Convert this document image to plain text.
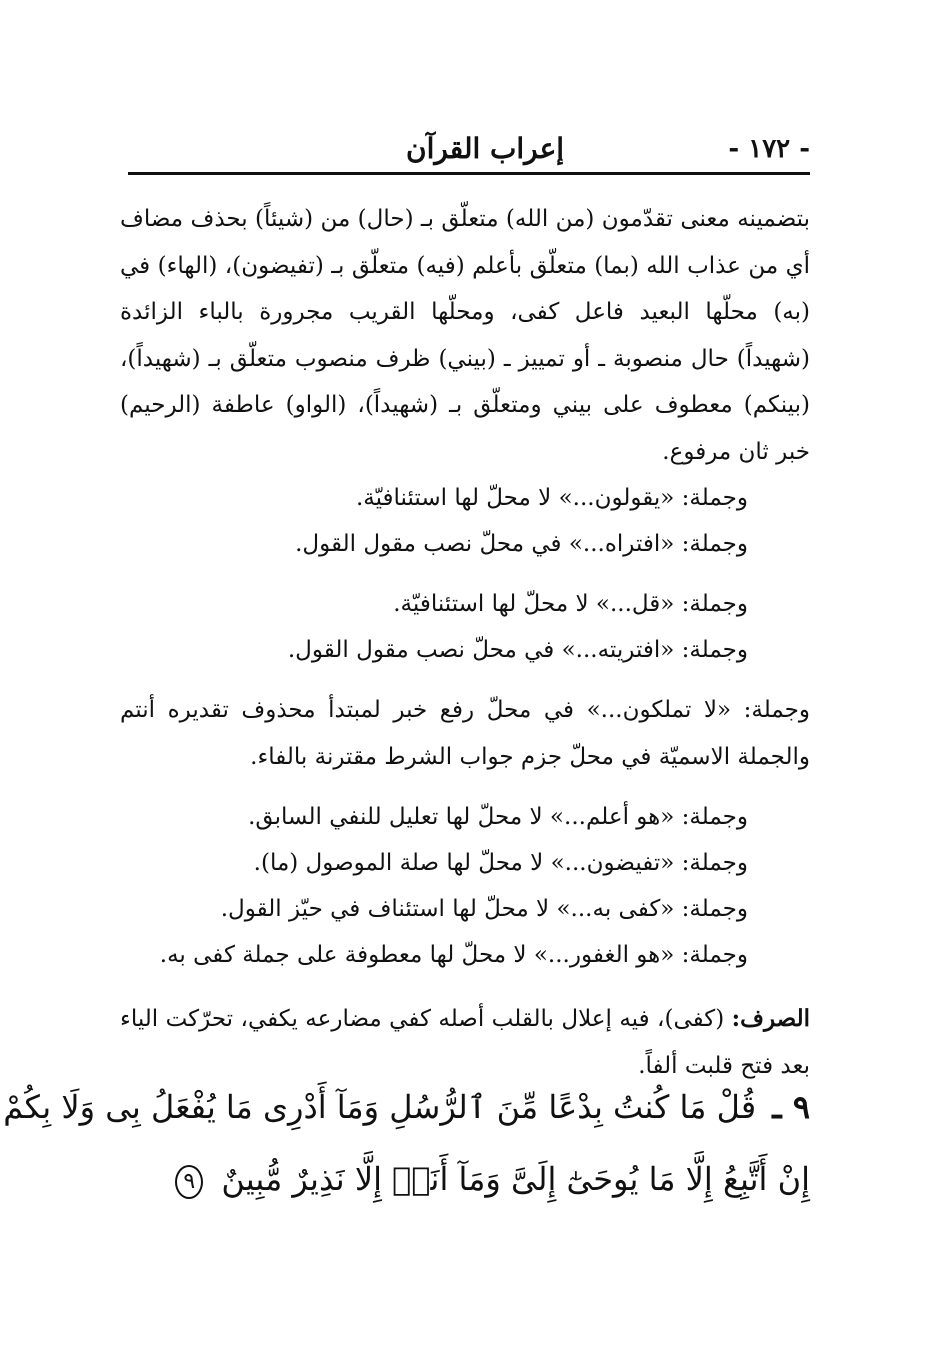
- ١٧٢ -
إعراب القرآن

بتضمينه معنى تقدّمون (من الله) متعلّق بـ (حال) من (شيئاً) بحذف مضاف أي من عذاب الله (بما) متعلّق بأعلم (فيه) متعلّق بـ (تفيضون)، (الهاء) في (به) محلّها البعيد فاعل كفى، ومحلّها القريب مجرورة بالباء الزائدة (شهيداً) حال منصوبة ـ أو تمييز ـ (بيني) ظرف منصوب متعلّق بـ (شهيداً)، (بينكم) معطوف على بيني ومتعلّق بـ (شهيداً)، (الواو) عاطفة (الرحيم) خبر ثان مرفوع.

وجملة: «يقولون...» لا محلّ لها استئنافيّة.

وجملة: «افتراه...» في محلّ نصب مقول القول.

وجملة: «قل...» لا محلّ لها استئنافيّة.

وجملة: «افتريته...» في محلّ نصب مقول القول.

وجملة: «لا تملكون...» في محلّ رفع خبر لمبتدأ محذوف تقديره أنتم والجملة الاسميّة في محلّ جزم جواب الشرط مقترنة بالفاء.

وجملة: «هو أعلم...» لا محلّ لها تعليل للنفي السابق.

وجملة: «تفيضون...» لا محلّ لها صلة الموصول (ما).

وجملة: «كفى به...» لا محلّ لها استئناف في حيّز القول.

وجملة: «هو الغفور...» لا محلّ لها معطوفة على جملة كفى به.

الصرف: (كفى)، فيه إعلال بالقلب أصله كفي مضارعه يكفي، تحرّكت الياء بعد فتح قلبت ألفاً.

٩ ـ قُلْ مَا كُنتُ بِدْعًا مِّنَ ٱلرُّسُلِ وَمَآ أَدْرِى مَا يُفْعَلُ بِى وَلَا بِكُمْ
إِنْ أَتَّبِعُ إِلَّا مَا يُوحَىٰٓ إِلَىَّ وَمَآ أَنَا۠ إِلَّا نَذِيرٌ مُّبِينٌ ٩
